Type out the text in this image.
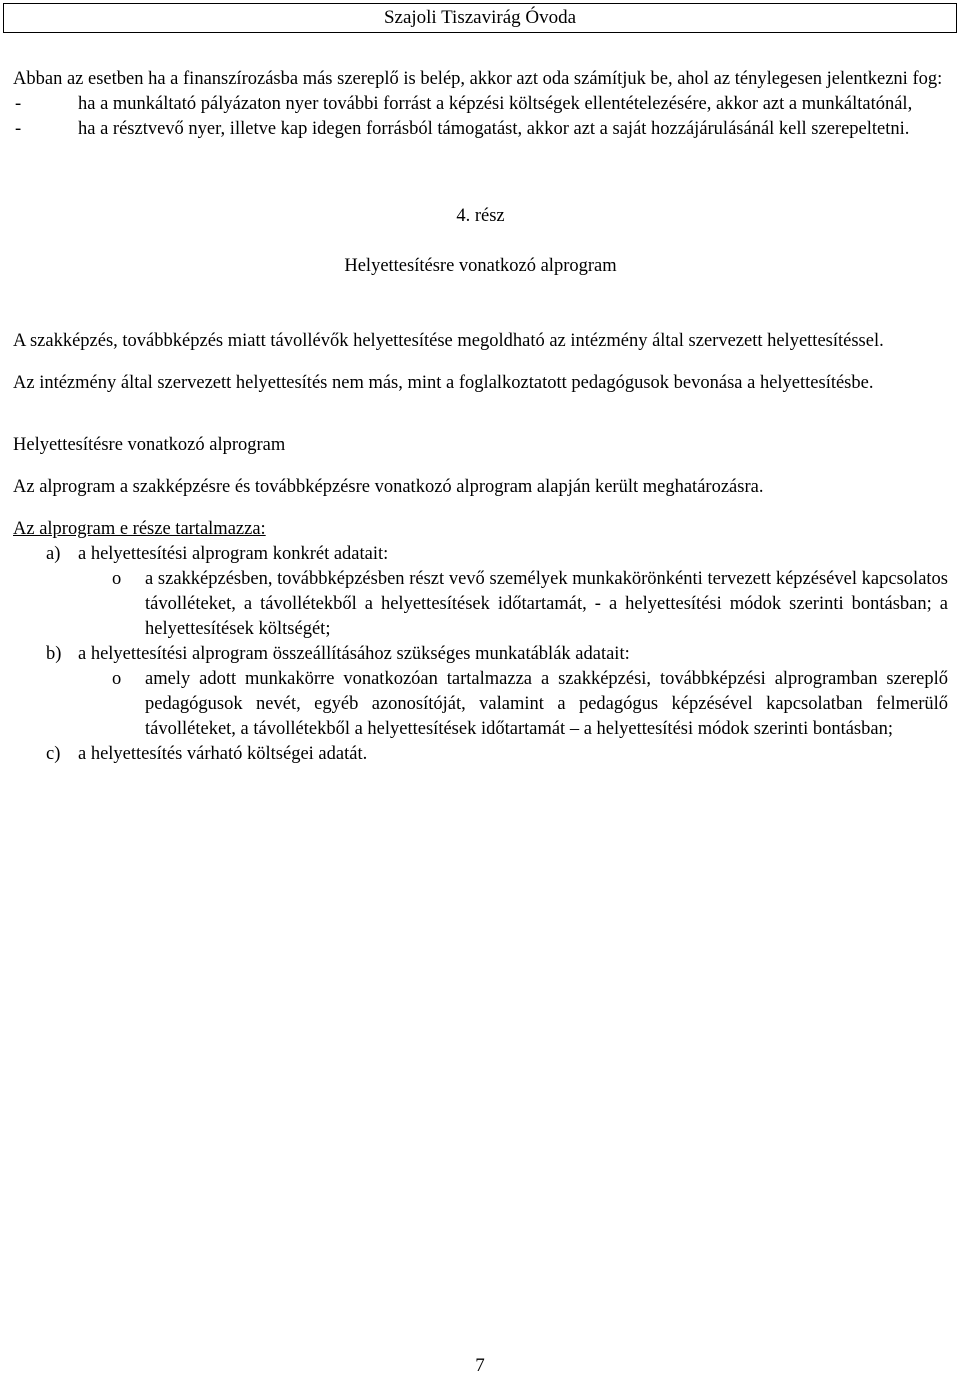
Szajoli Tiszavirág Óvoda

Abban az esetben ha a finanszírozásba más szereplő is belép, akkor azt oda számítjuk be, ahol az ténylegesen jelentkezni fog:

-	ha a munkáltató pályázaton nyer további forrást a képzési költségek ellentételezésére, akkor azt a munkáltatónál,
-	ha a résztvevő nyer, illetve kap idegen forrásból támogatást, akkor azt a saját hozzájárulásánál kell szerepeltetni.

4. rész

Helyettesítésre vonatkozó alprogram

A szakképzés, továbbképzés miatt távollévők helyettesítése megoldható az intézmény által szervezett helyettesítéssel.

Az intézmény által szervezett helyettesítés nem más, mint a foglalkoztatott pedagógusok bevonása a helyettesítésbe.

Helyettesítésre vonatkozó alprogram

Az alprogram a szakképzésre és továbbképzésre vonatkozó alprogram alapján került meghatározásra.

Az alprogram e része tartalmazza:

a) a helyettesítési alprogram konkrét adatait:
o a szakképzésben, továbbképzésben részt vevő személyek munkakörönkénti tervezett képzésével kapcsolatos távolléteket, a távollétekből a helyettesítések időtartamát, - a helyettesítési módok szerinti bontásban; a helyettesítések költségét;
b) a helyettesítési alprogram összeállításához szükséges munkatáblák adatait:
o amely adott munkakörre vonatkozóan tartalmazza a szakképzési, továbbképzési alprogramban szereplő pedagógusok nevét, egyéb azonosítóját, valamint a pedagógus képzésével kapcsolatban felmerülő távolléteket, a távollétekből a helyettesítések időtartamát – a helyettesítési módok szerinti bontásban;
c) a helyettesítés várható költségei adatát.
7
